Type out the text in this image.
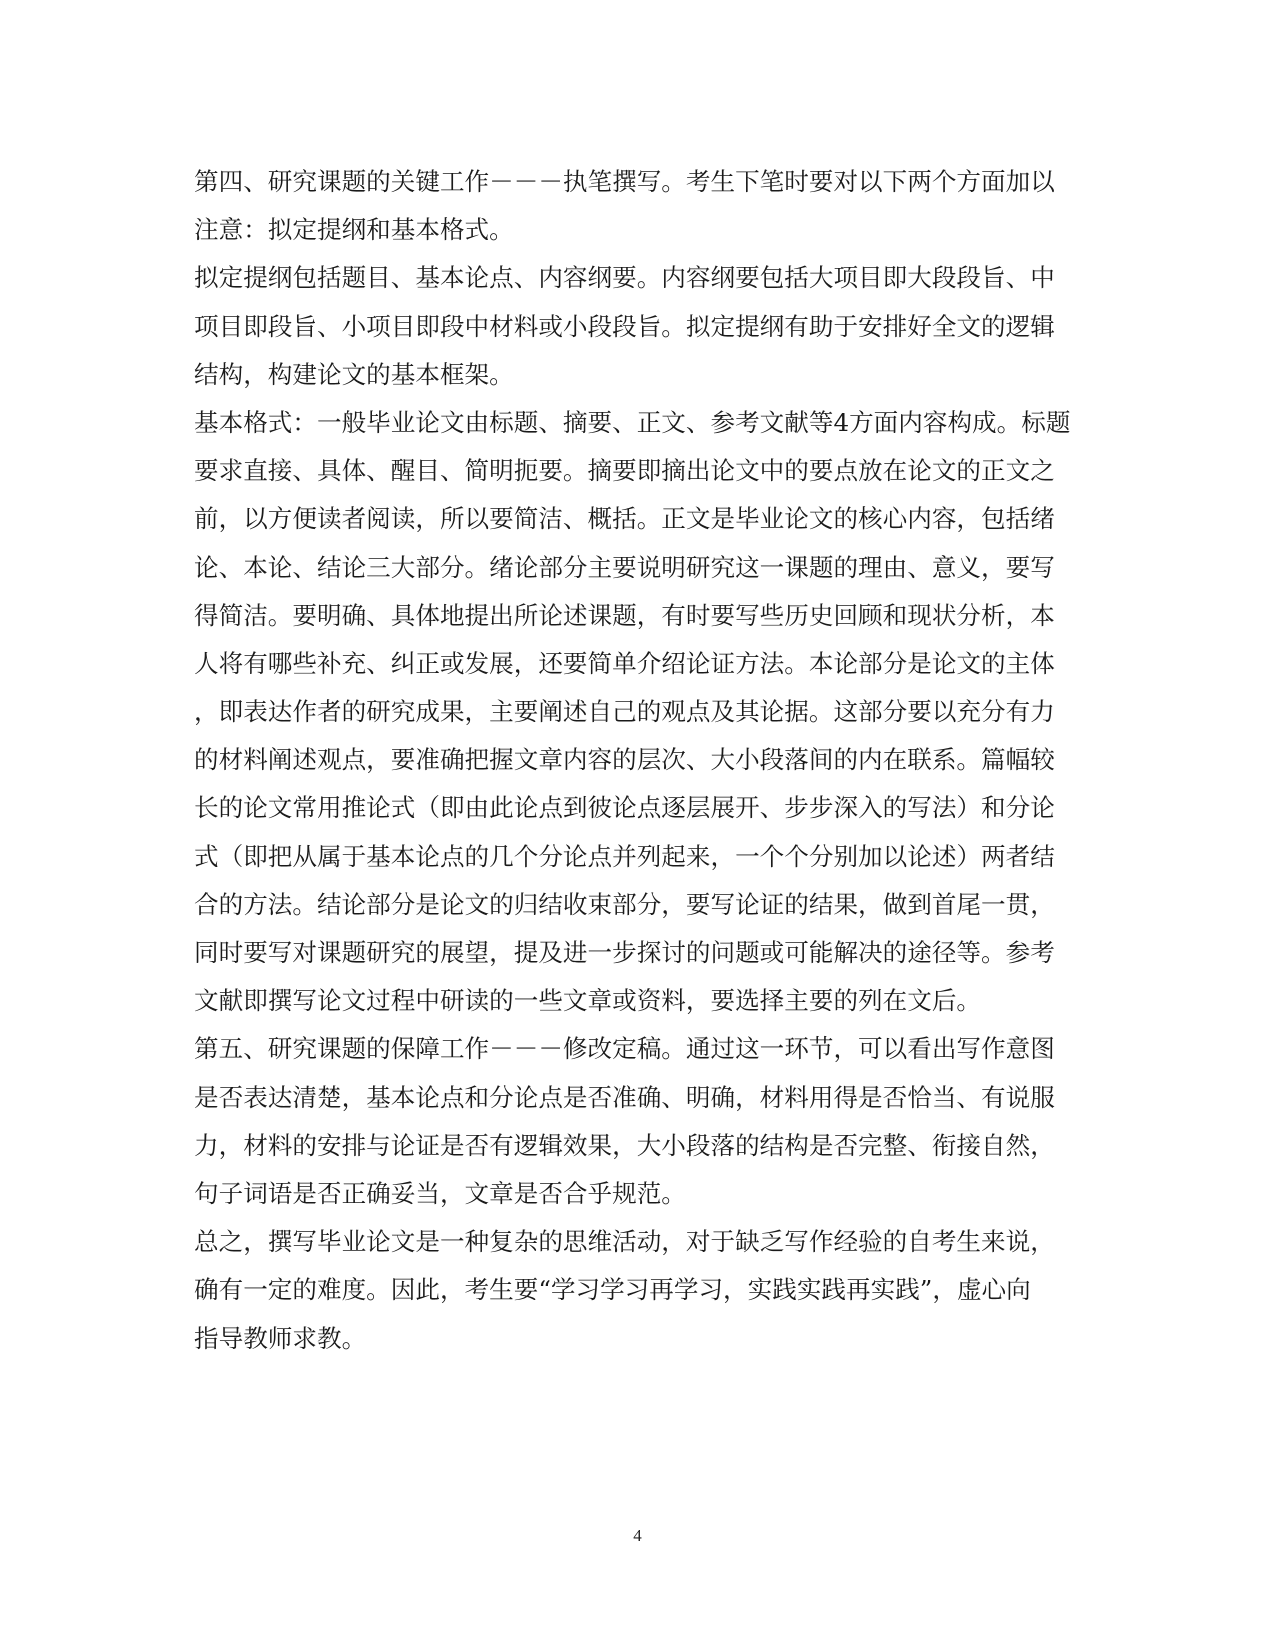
第四、研究课题的关键工作－－－执笔撰写。考生下笔时要对以下两个方面加以
注意：拟定提纲和基本格式。
拟定提纲包括题目、基本论点、内容纲要。内容纲要包括大项目即大段段旨、中
项目即段旨、小项目即段中材料或小段段旨。拟定提纲有助于安排好全文的逻辑
结构，构建论文的基本框架。
基本格式：一般毕业论文由标题、摘要、正文、参考文献等4方面内容构成。标题
要求直接、具体、醒目、简明扼要。摘要即摘出论文中的要点放在论文的正文之
前，以方便读者阅读，所以要简洁、概括。正文是毕业论文的核心内容，包括绪
论、本论、结论三大部分。绪论部分主要说明研究这一课题的理由、意义，要写
得简洁。要明确、具体地提出所论述课题，有时要写些历史回顾和现状分析，本
人将有哪些补充、纠正或发展，还要简单介绍论证方法。本论部分是论文的主体
，即表达作者的研究成果，主要阐述自己的观点及其论据。这部分要以充分有力
的材料阐述观点，要准确把握文章内容的层次、大小段落间的内在联系。篇幅较
长的论文常用推论式（即由此论点到彼论点逐层展开、步步深入的写法）和分论
式（即把从属于基本论点的几个分论点并列起来，一个个分别加以论述）两者结
合的方法。结论部分是论文的归结收束部分，要写论证的结果，做到首尾一贯，
同时要写对课题研究的展望，提及进一步探讨的问题或可能解决的途径等。参考
文献即撰写论文过程中研读的一些文章或资料，要选择主要的列在文后。
第五、研究课题的保障工作－－－修改定稿。通过这一环节，可以看出写作意图
是否表达清楚，基本论点和分论点是否准确、明确，材料用得是否恰当、有说服
力，材料的安排与论证是否有逻辑效果，大小段落的结构是否完整、衔接自然，
句子词语是否正确妥当，文章是否合乎规范。
总之，撰写毕业论文是一种复杂的思维活动，对于缺乏写作经验的自考生来说，
确有一定的难度。因此，考生要“学习学习再学习，实践实践再实践”，虚心向
指导教师求教。
4
